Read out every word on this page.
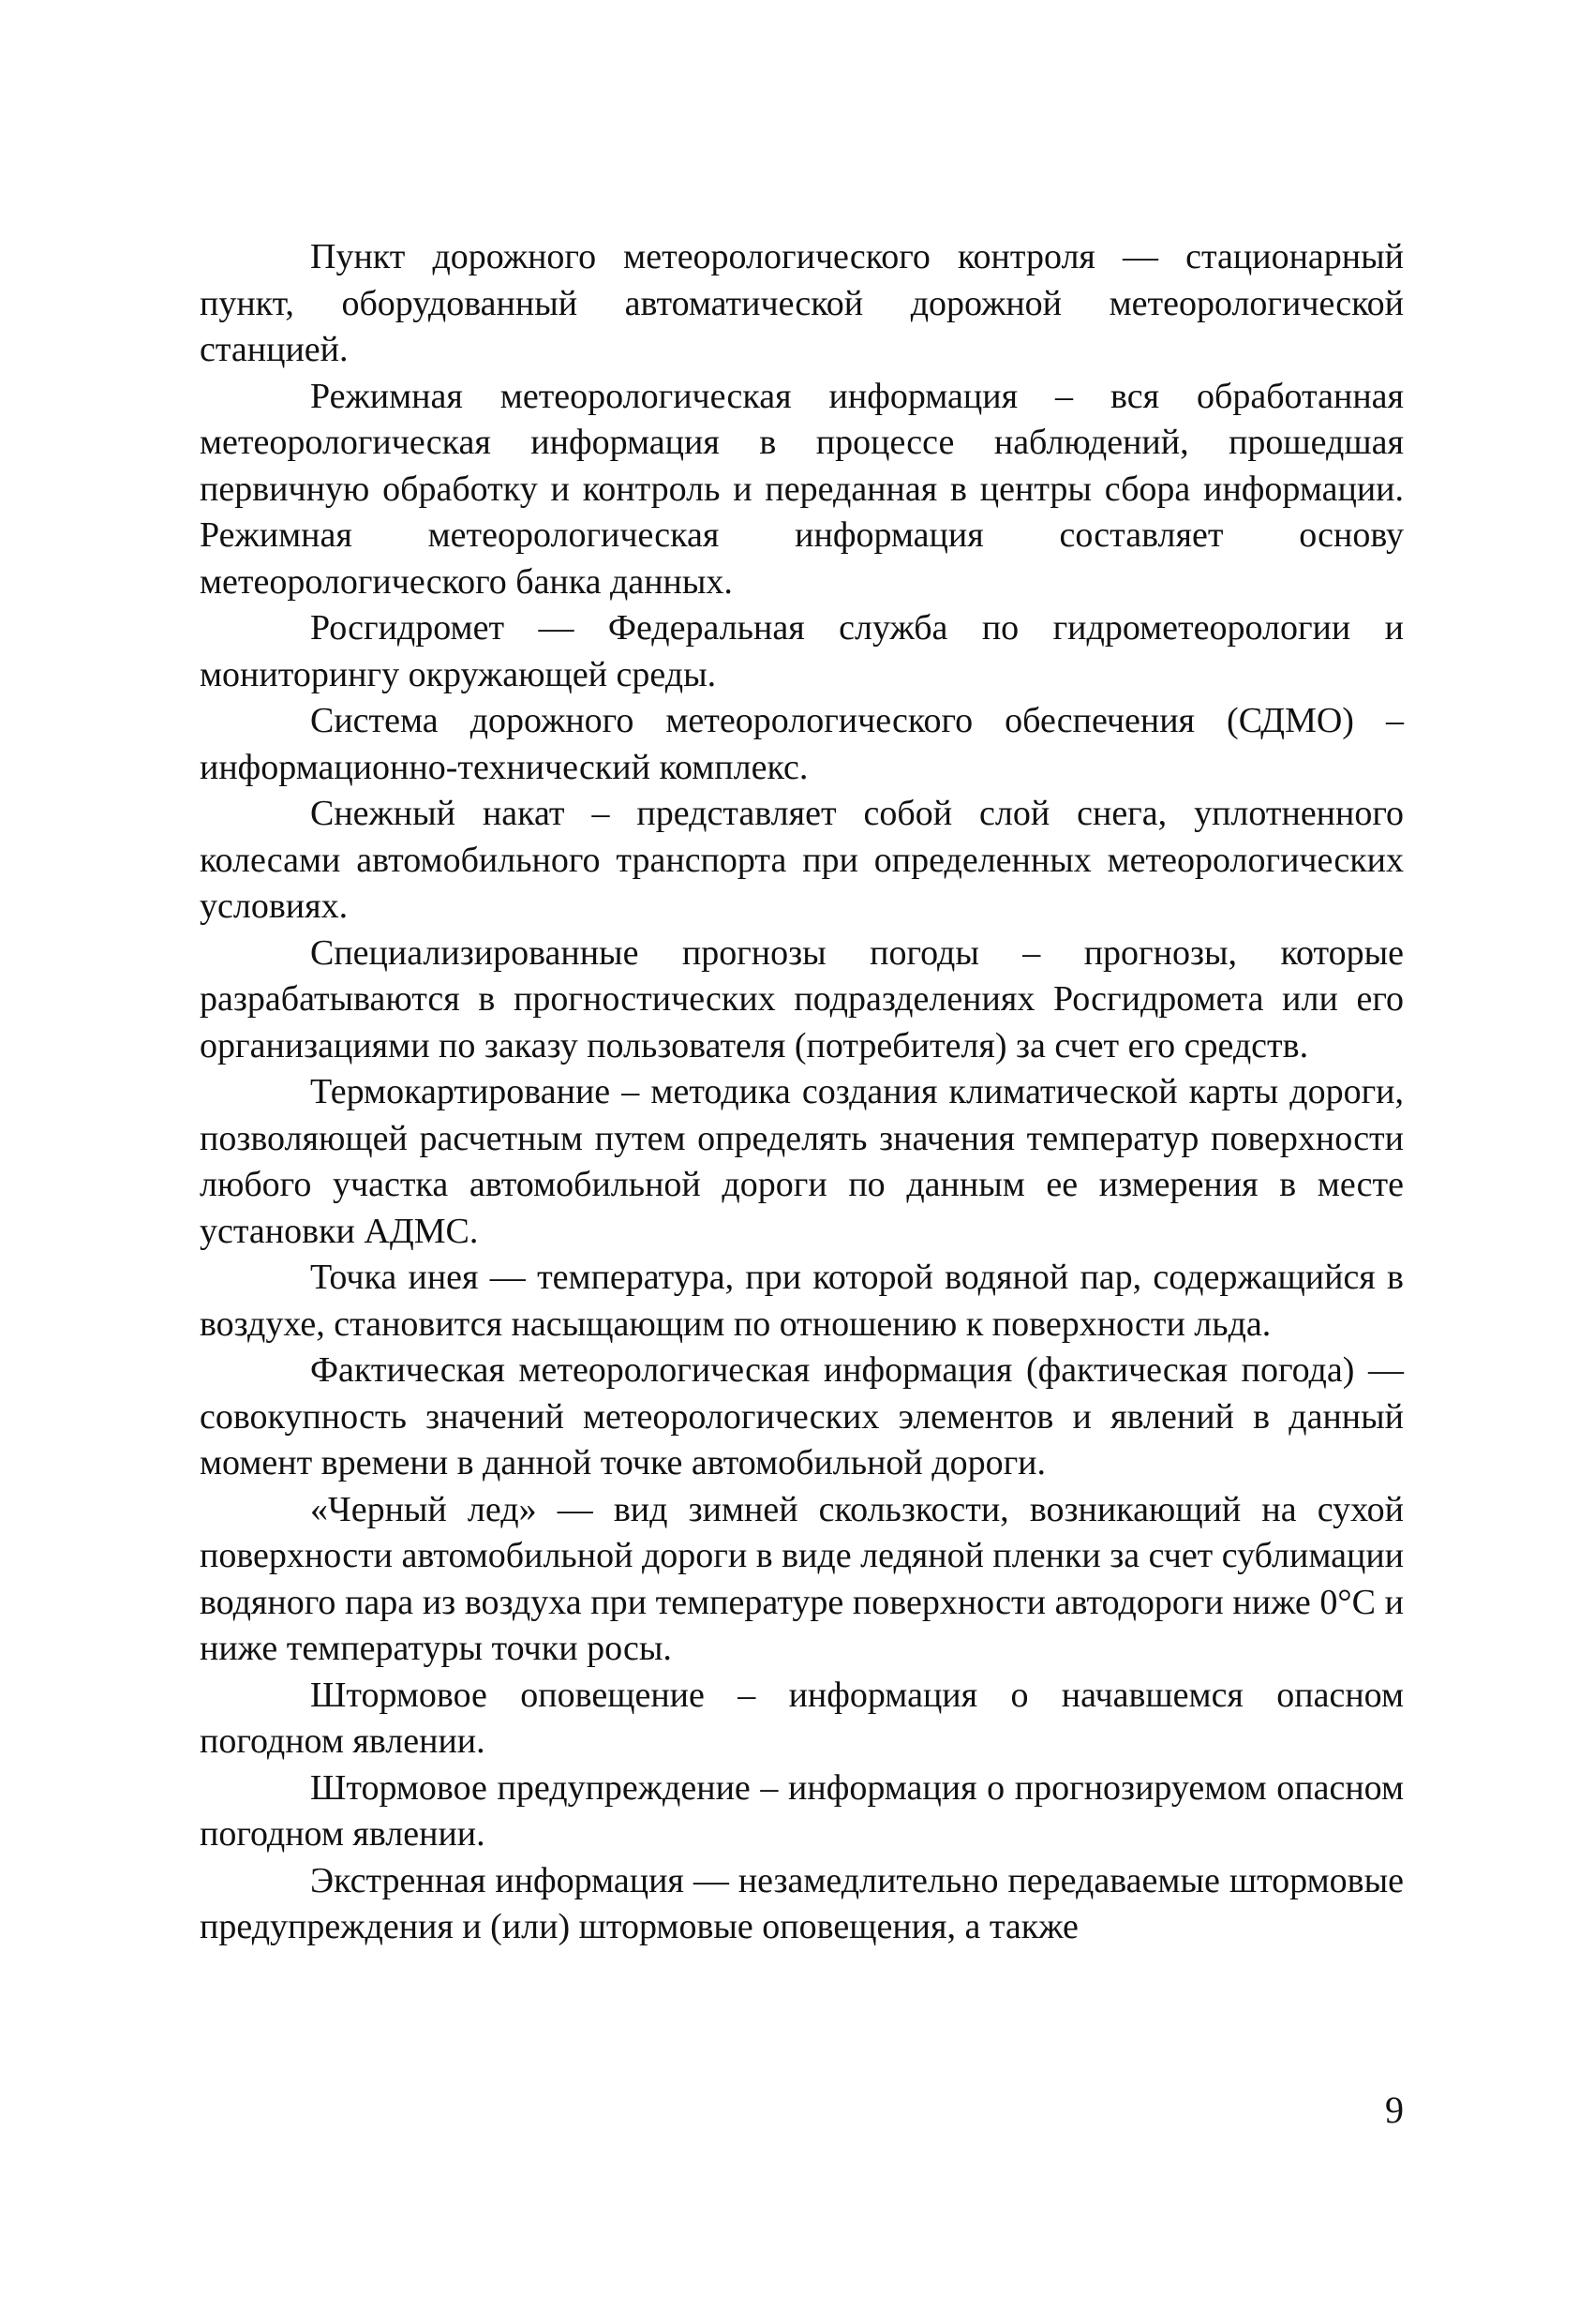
Пункт дорожного метеорологического контроля — стационарный пункт, оборудованный автоматической дорожной метеорологической станцией.

Режимная метеорологическая информация – вся обработанная метеорологическая информация в процессе наблюдений, прошедшая первичную обработку и контроль и переданная в центры сбора информации. Режимная метеорологическая информация составляет основу метеорологического банка данных.

Росгидромет — Федеральная служба по гидрометеорологии и мониторингу окружающей среды.

Система дорожного метеорологического обеспечения (СДМО) – информационно-технический комплекс.

Снежный накат – представляет собой слой снега, уплотненного колесами автомобильного транспорта при определенных метеорологических условиях.

Специализированные прогнозы погоды – прогнозы, которые разрабатываются в прогностических подразделениях Росгидромета или его организациями по заказу пользователя (потребителя) за счет его средств.

Термокартирование – методика создания климатической карты дороги, позволяющей расчетным путем определять значения температур поверхности любого участка автомобильной дороги по данным ее измерения в месте установки АДМС.

Точка инея — температура, при которой водяной пар, содержащийся в воздухе, становится насыщающим по отношению к поверхности льда.

Фактическая метеорологическая информация (фактическая погода) — совокупность значений метеорологических элементов и явлений в данный момент времени в данной точке автомобильной дороги.

«Черный лед» — вид зимней скользкости, возникающий на сухой поверхности автомобильной дороги в виде ледяной пленки за счет сублимации водяного пара из воздуха при температуре поверхности автодороги ниже 0°C и ниже температуры точки росы.

Штормовое оповещение – информация о начавшемся опасном погодном явлении.

Штормовое предупреждение – информация о прогнозируемом опасном погодном явлении.

Экстренная информация — незамедлительно передаваемые штормовые предупреждения и (или) штормовые оповещения, а также

9
